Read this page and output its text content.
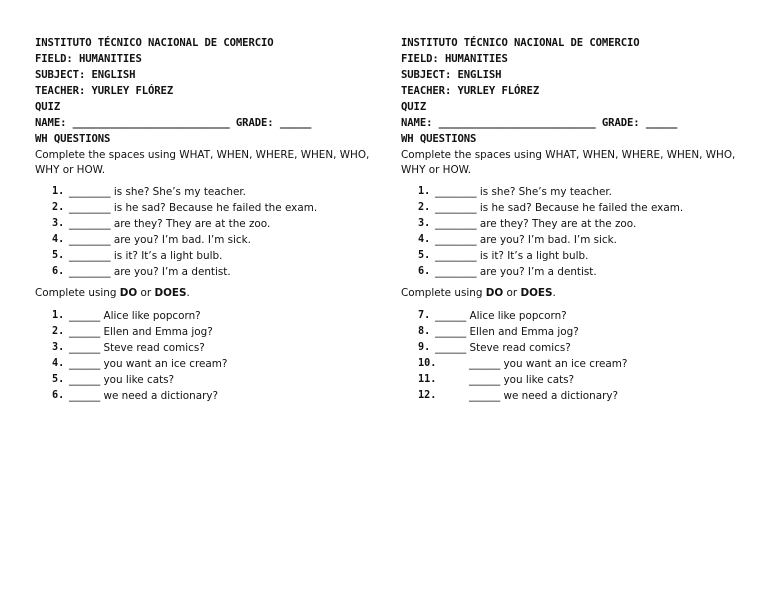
INSTITUTO TÉCNICO NACIONAL DE COMERCIO
FIELD: HUMANITIES
SUBJECT: ENGLISH
TEACHER: YURLEY FLÓREZ
QUIZ
NAME: _________________________ GRADE: _____
WH QUESTIONS
Complete the spaces using WHAT, WHEN, WHERE, WHEN, WHO, WHY or HOW.
1. ________ is she? She’s my teacher.
2. ________ is he sad? Because he failed the exam.
3. ________ are they? They are at the zoo.
4. ________ are you? I’m bad. I’m sick.
5. ________ is it? It’s a light bulb.
6. ________ are you? I’m a dentist.
Complete using DO or DOES.
1. ______ Alice like popcorn?
2. ______ Ellen and Emma jog?
3. ______ Steve read comics?
4. ______ you want an ice cream?
5. ______ you like cats?
6. ______ we need a dictionary?
INSTITUTO TÉCNICO NACIONAL DE COMERCIO
FIELD: HUMANITIES
SUBJECT: ENGLISH
TEACHER: YURLEY FLÓREZ
QUIZ
NAME: _________________________ GRADE: _____
WH QUESTIONS
Complete the spaces using WHAT, WHEN, WHERE, WHEN, WHO, WHY or HOW.
1. ________ is she? She’s my teacher.
2. ________ is he sad? Because he failed the exam.
3. ________ are they? They are at the zoo.
4. ________ are you? I’m bad. I’m sick.
5. ________ is it? It’s a light bulb.
6. ________ are you? I’m a dentist.
Complete using DO or DOES.
7. ______ Alice like popcorn?
8. ______ Ellen and Emma jog?
9. ______ Steve read comics?
10.	______ you want an ice cream?
11.	______ you like cats?
12.	______ we need a dictionary?
